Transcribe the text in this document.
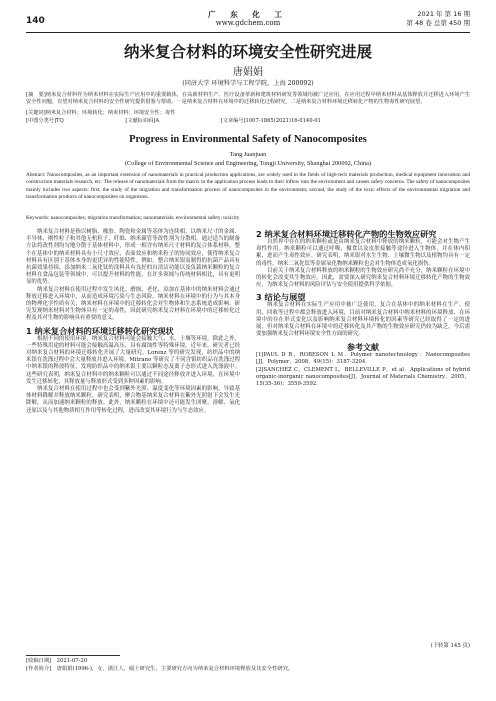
140
广 东 化 工
www.gdchem.com
2021 年 第 16 期
第 48 卷 总第 450 期
纳米复合材料的环境安全性研究进展
唐娟娟
(同济大学 环境科学与工程学院，上海 200092)
[摘　要]纳米复合材料作为纳米材料在实际生产应用中的重要载体，在高新材料生产、医疗设备革新和建筑材料研发等领域均被广泛应用。在应用过程中纳米材料从基体释放并迁移进入环境产生安全性问题，有望对纳米复合材料的安全性研究提供借鉴与帮助。一是纳米复合材料在环境中的迁移转化过程研究，二是纳米复合材料环境迁移转化产物的生物毒性研究展望。
[关键词]纳米复合材料；环境转化；纳米材料；环境安全性；毒性
[中图分类号]TQ	[文献标识码]A	[文章编号]1007-1865(2021)16-0140-01
Progress in Environmental Safety of Nanocomposites
Tang Juanjuan
(College of Environmental Science and Engineering, Tongji University, Shanghai 200092, China)
Abstract: Nanocomposites, as an important extension of nanomaterials in practical production applications, are widely used in the fields of high-tech materials production, medical equipment innovation and construction materials research, etc. The release of nanomaterials from the matrix in the application process leads to their inflow into the environment and causes safety concerns. The safety of nanocomposites mainly includes two aspects: first, the study of the migration and transformation process of nanocomposites in the environment; second, the study of the toxic effects of the environmental migration and transformation products of nanocomposites on organisms.
Keywords: nanocomposites; migration transformation; nanomaterials; environmental safety; toxicity

纳米复合材料是指以树脂、橡胶、陶瓷和金属等基体为连续相，以纳米尺寸的金属、半导体、刚性粒子和其他无机粒子、纤维、纳米碳管等改性剂为分散相，通过适当的制备方法将改性剂均匀地分散于基体材料中，形成一相含有纳米尺寸材料的复合体系材料。整个在基体中的纳米材料具有小尺寸效应、表面效应和纳米粒子的协同效应，使得纳米复合材料具有区别于基体本身的更优异的性能特性。例如，整合纳米银而制得的抗菌产品具有抗菌效果持续、添加纳米二氧化钛的涂料具有良好的自清洁功能以及负载纳米颗粒的复合材料在食品包装等领域中，可以提升材料的性能，在许多领域与传统材料相比，具有更明显的优势。

纳米复合材料在使用过程中发生风化、磨损、老化、添加在基体中的纳米材料会通过释放迁移进入环境中，从而造成环境污染与生态风险。纳米材料在环境中的行为与其本身的物理化学性质有关，纳米材料在环境中的迁移转化会对生物体和生态系统造成影响。研究发现纳米材料对生物体具有一定的毒性，因此研究纳米复合材料在环境中的迁移转化过程及其对生物的影响具有重要的意义。

1 纳米复合材料的环境迁移转化研究现状

根据不同的使用环境，纳米复合材料可能会接触大气、水、土壤等环境。除此之外，一些特殊用途的材料可能会接触高温高压、具有腐蚀性等特殊环境。近年来，研究者已经对纳米复合材料的环境迁移转化开展了大量研究。Lorenz 等的研究发现，纺织品中的纳米银在洗涤过程中会大量释放并进入环境。Mitrano 等研究了不同含银纺织品在洗涤过程中纳米银的释放特征，发现纺织品中的纳米银主要以颗粒态及离子态形式进入洗涤液中。这些研究表明，纳米复合材料中的纳米颗粒可以通过不同途径释放并进入环境，在环境中发生迁移转化，其释放量与释放形式受到多种因素的影响。

纳米复合材料在使用过程中也会受到紫外光照、温度变化等环境因素的影响，导致基体材料降解并释放纳米颗粒。研究表明，聚合物基纳米复合材料在紫外光照射下会发生光降解，从而加速纳米颗粒的释放。此外，纳米颗粒在环境中还可能发生团聚、溶解、氧化还原以及与其他物质相互作用等转化过程，进而改变其环境行为与生态效应。

2 纳米复合材料环境迁移转化产物的生物效应研究

自然界中存在的纳米颗粒或是由纳米复合材料中释放的纳米颗粒，可能会对生物产生毒性作用。纳米颗粒可以通过呼吸、摄食以及皮肤接触等途径进入生物体，并在体内积累，进而产生毒性效应。研究表明，纳米银对水生生物、土壤微生物以及植物均具有一定的毒性。纳米二氧化钛等金属氧化物纳米颗粒也会对生物体造成氧化损伤。

目前关于纳米复合材料释放的纳米颗粒的生物效应研究尚不充分，纳米颗粒在环境中的转化会改变其生物效应。因此，需要深入研究纳米复合材料环境迁移转化产物的生物效应，为纳米复合材料的风险评估与安全使用提供科学依据。

3 结论与展望

纳米复合材料在实际生产应用中被广泛使用，复合在基体中的纳米材料在生产、使用、回收等过程中都会释放进入环境，目前对纳米复合材料中纳米材料的环境释放、在环境中的存在形式变化以及影响纳米复合材料环境转化的因素等研究已经取得了一定的进展，但对纳米复合材料在环境中的迁移转化及其产物的生物效应研究仍较为缺乏，今后需要加强纳米复合材料环境安全性方面的研究。

参考文献
[1]PAUL D R，ROBESON L M．Polymer nanotechnology：Nanocomposites [J]．Polymer，2008，49(15)：3187-3204．
[2]SANCHEZ C，CLEMENT L，BELLEVILLE P，et al．Applications of hybrid organic-inorganic nanocomposites[J]．Journal of Materials Chemistry，2005，15(35-36)：3559-3592．
(下转第 145 页)
[收稿日期]　2021-07-20
[作者简介]　唐娟娟(1996-)，女，浙江人，硕士研究生，主要研究方向为纳米复合材料环境释放及其安全性研究。
